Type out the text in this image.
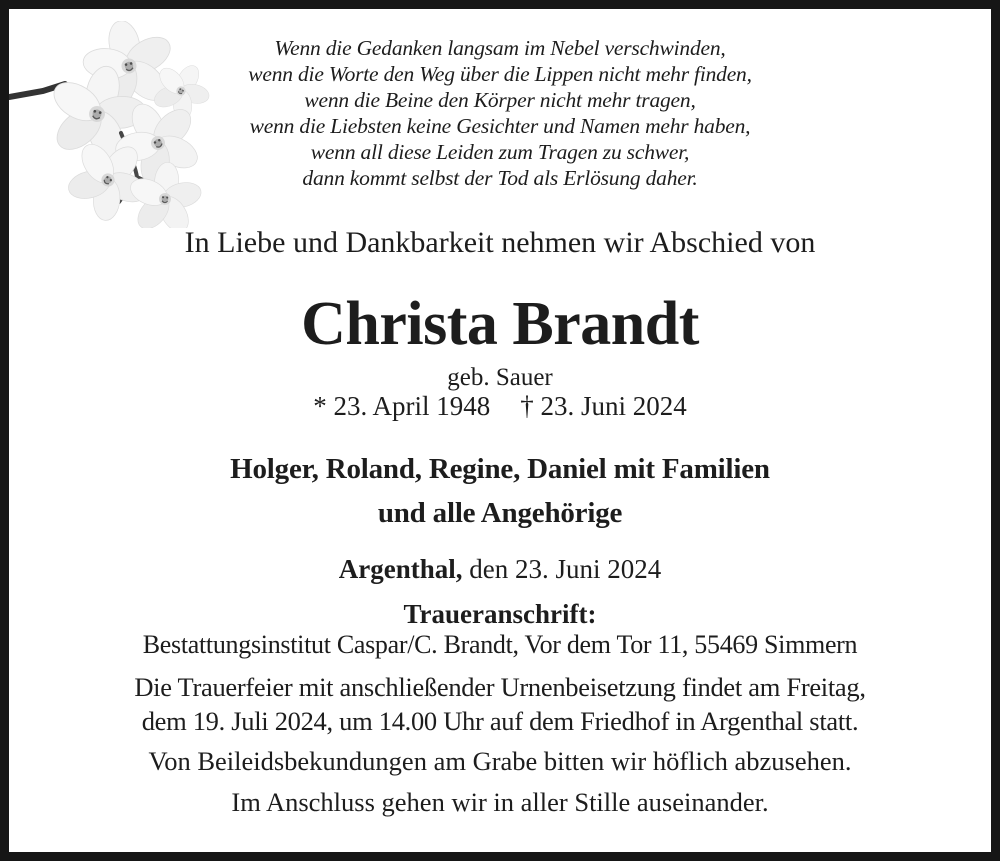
Wenn die Gedanken langsam im Nebel verschwinden,
wenn die Worte den Weg über die Lippen nicht mehr finden,
wenn die Beine den Körper nicht mehr tragen,
wenn die Liebsten keine Gesichter und Namen mehr haben,
wenn all diese Leiden zum Tragen zu schwer,
dann kommt selbst der Tod als Erlösung daher.
In Liebe und Dankbarkeit nehmen wir Abschied von
Christa Brandt
geb. Sauer
* 23. April 1948 † 23. Juni 2024
Holger, Roland, Regine, Daniel mit Familien
und alle Angehörige
Argenthal, den 23. Juni 2024
Traueranschrift:
Bestattungsinstitut Caspar/C. Brandt, Vor dem Tor 11, 55469 Simmern
Die Trauerfeier mit anschließender Urnenbeisetzung findet am Freitag,
dem 19. Juli 2024, um 14.00 Uhr auf dem Friedhof in Argenthal statt.
Von Beileidsbekundungen am Grabe bitten wir höflich abzusehen.
Im Anschluss gehen wir in aller Stille auseinander.
